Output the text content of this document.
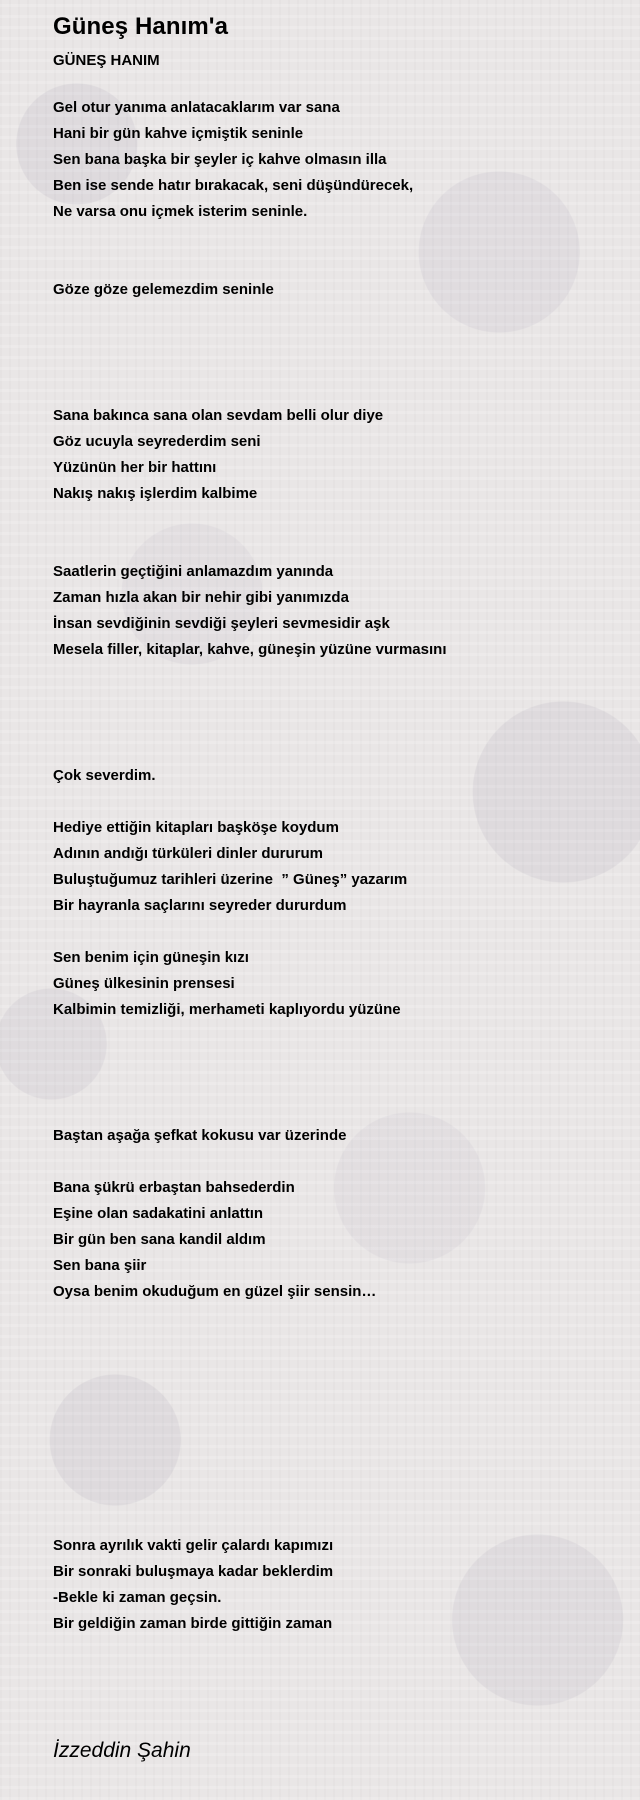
Güneş Hanım'a
GÜNEŞ HANIM
Gel otur yanıma anlatacaklarım var sana
Hani bir gün kahve içmiştik seninle
Sen bana başka bir şeyler iç kahve olmasın illa
Ben ise sende hatır bırakacak, seni düşündürecek,
Ne varsa onu içmek isterim seninle.
Göze göze gelemezdim seninle
Sana bakınca sana olan sevdam belli olur diye
Göz ucuyla seyrederdim seni
Yüzünün her bir hattını
Nakış nakış işlerdim kalbime
Saatlerin geçtiğini anlamazdım yanında
Zaman hızla akan bir nehir gibi yanımızda
İnsan sevdiğinin sevdiği şeyleri sevmesidir aşk
Mesela filler, kitaplar, kahve, güneşin yüzüne vurmasını
Çok severdim.
Hediye ettiğin kitapları başköşe koydum
Adının andığı türküleri dinler dururum
Buluştuğumuz tarihleri üzerine  ” Güneş” yazarım
Bir hayranla saçlarını seyreder dururdum
Sen benim için güneşin kızı
Güneş ülkesinin prensesi
Kalbimin temizliği, merhameti kaplıyordu yüzüne
Baştan aşağa şefkat kokusu var üzerinde
Bana şükrü erbaştan bahsederdin
Eşine olan sadakatini anlattın
Bir gün ben sana kandil aldım
Sen bana şiir
Oysa benim okuduğum en güzel şiir sensin…
Sonra ayrılık vakti gelir çalardı kapımızı
Bir sonraki buluşmaya kadar beklerdim
-Bekle ki zaman geçsin.
Bir geldiğin zaman birde gittiğin zaman
İzzeddin Şahin
